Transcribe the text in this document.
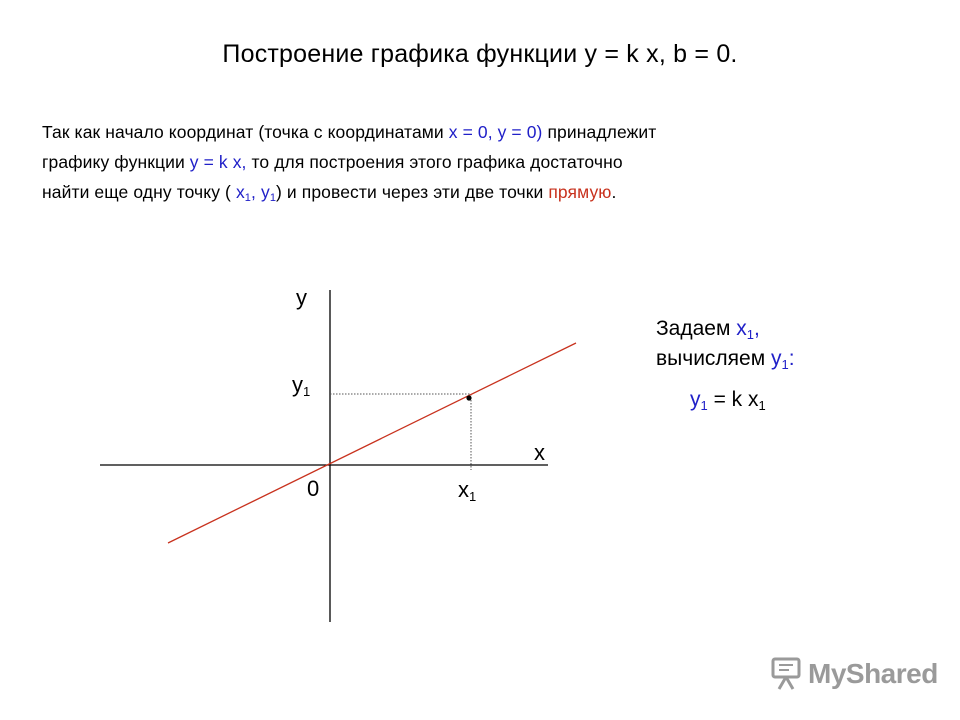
Построение графика функции y = k x, b = 0.
Так как начало координат (точка с координатами x = 0, y = 0) принадлежит
графику функции y = k x, то для построения этого графика достаточно
найти еще одну точку ( $x_1$, $y_1$) и провести через эти две точки прямую.
y
x
0
$y_1$
$x_1$
Задаем $x_1$,
вычисляем $y_1$:
$y_1 = k$ $x_1$
MyShared
